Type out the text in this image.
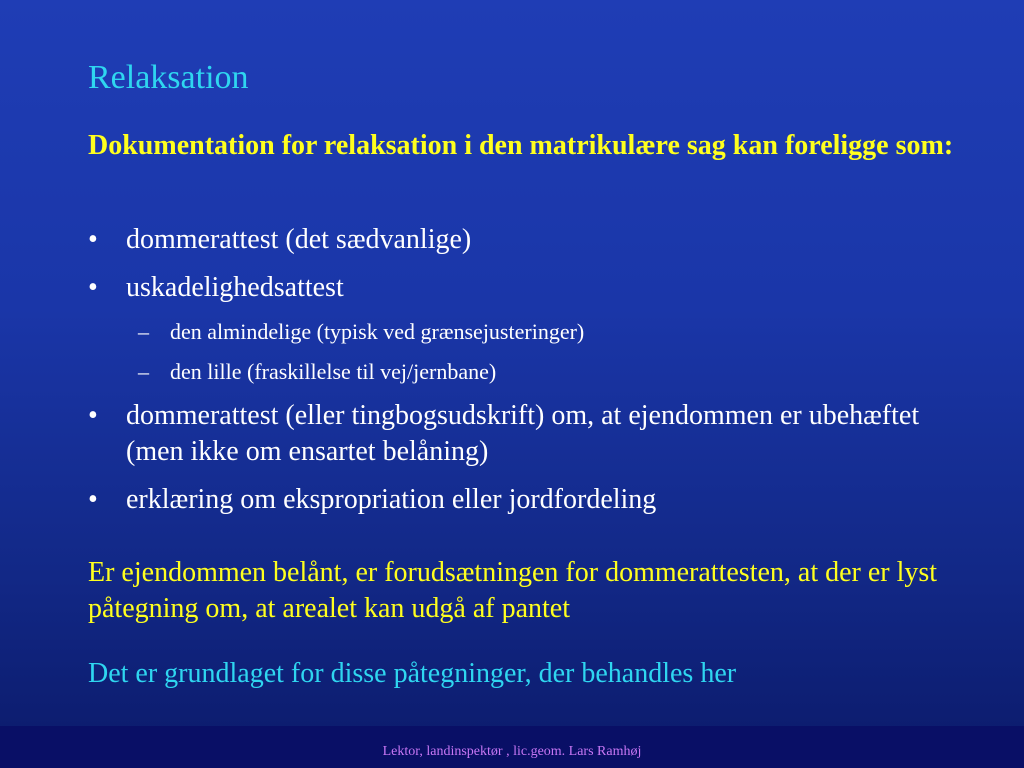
Relaksation
Dokumentation for relaksation i den matrikulære sag kan foreligge som:
• dommerattest (det sædvanlige)
• uskadelighedsattest
– den almindelige (typisk ved grænsejusteringer)
– den lille (fraskillelse til vej/jernbane)
• dommerattest (eller tingbogsudskrift) om, at ejendommen er ubehæftet (men ikke om ensartet belåning)
• erklæring om ekspropriation eller jordfordeling
Er ejendommen belånt, er forudsætningen for dommerattesten, at der er lyst påtegning om, at arealet kan udgå af pantet
Det er grundlaget for disse påtegninger, der behandles her
Lektor, landinspektør , lic.geom. Lars Ramhøj
